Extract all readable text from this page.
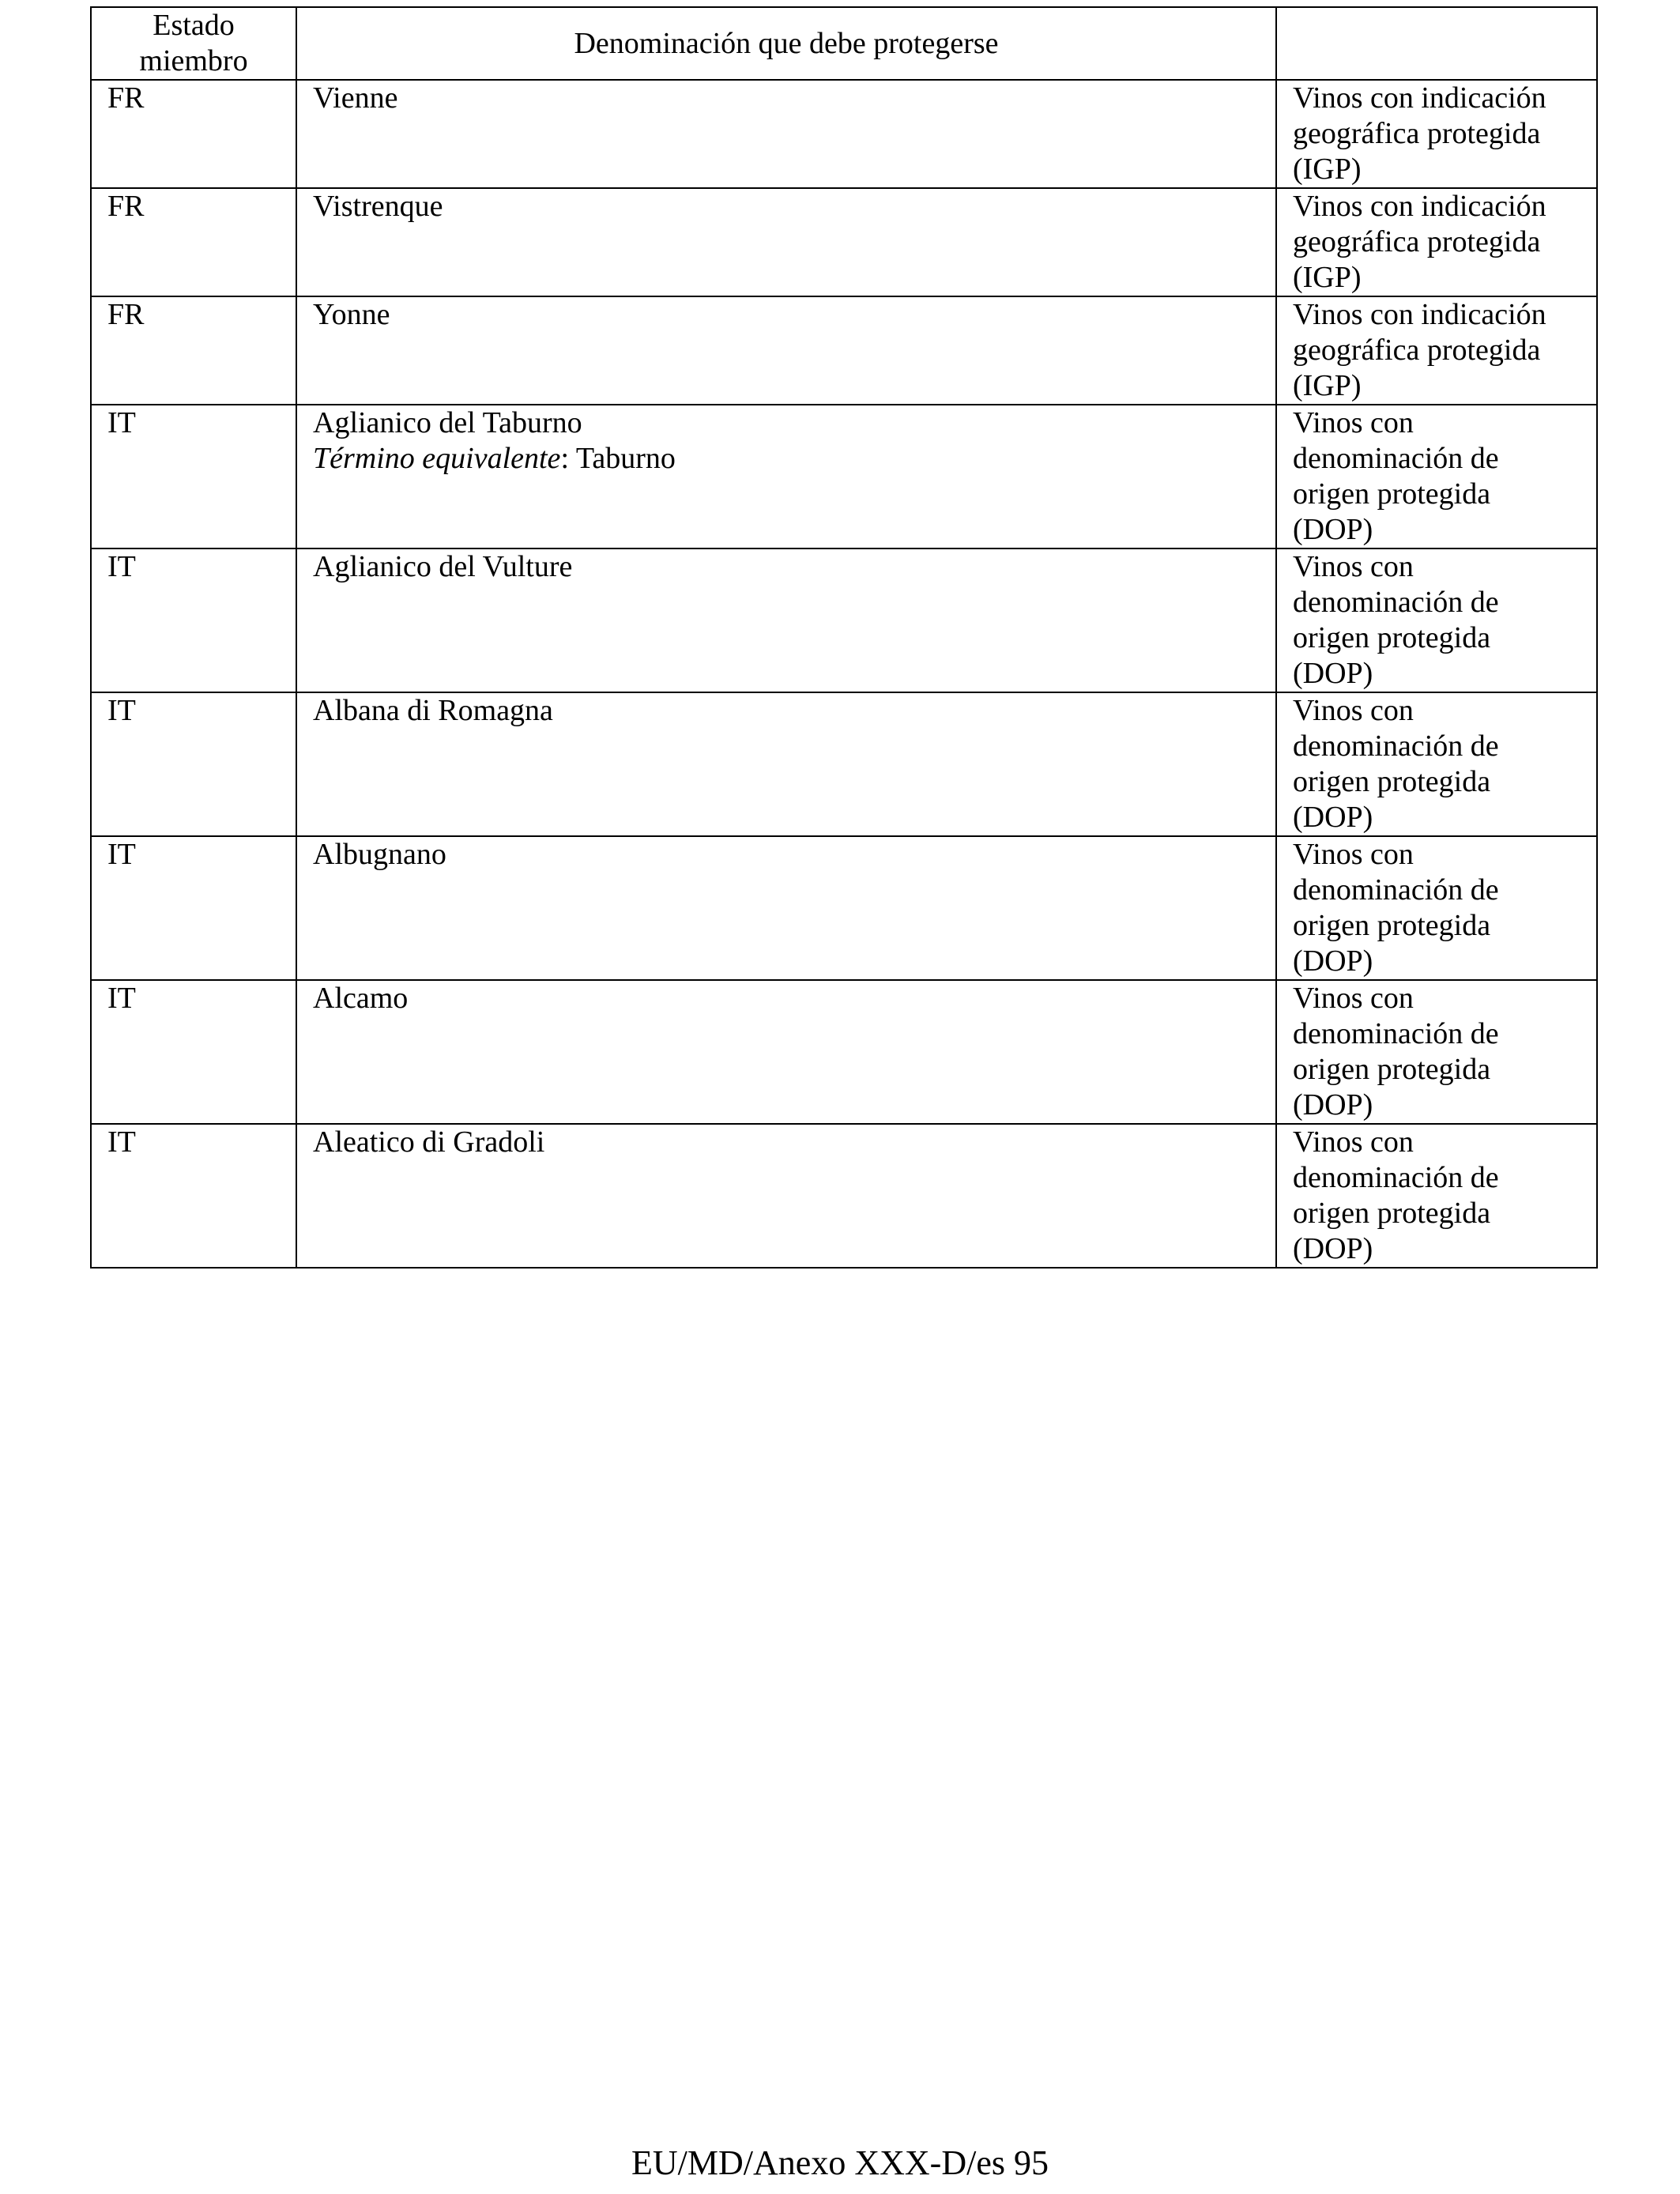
Estado
miembro	Denominación que debe protegerse	
FR	Vienne	Vinos con indicación
geográfica protegida
(IGP)

FR	Vistrenque	Vinos con indicación
geográfica protegida
(IGP)

FR	Yonne	Vinos con indicación
geográfica protegida
(IGP)

IT	Aglianico del Taburno
Término equivalente: Taburno	Vinos con
denominación de
origen protegida
(DOP)

IT	Aglianico del Vulture	Vinos con
denominación de
origen protegida
(DOP)

IT	Albana di Romagna	Vinos con
denominación de
origen protegida
(DOP)

IT	Albugnano	Vinos con
denominación de
origen protegida
(DOP)

IT	Alcamo	Vinos con
denominación de
origen protegida
(DOP)

IT	Aleatico di Gradoli	Vinos con
denominación de
origen protegida
(DOP)
EU/MD/Anexo XXX-D/es 95
